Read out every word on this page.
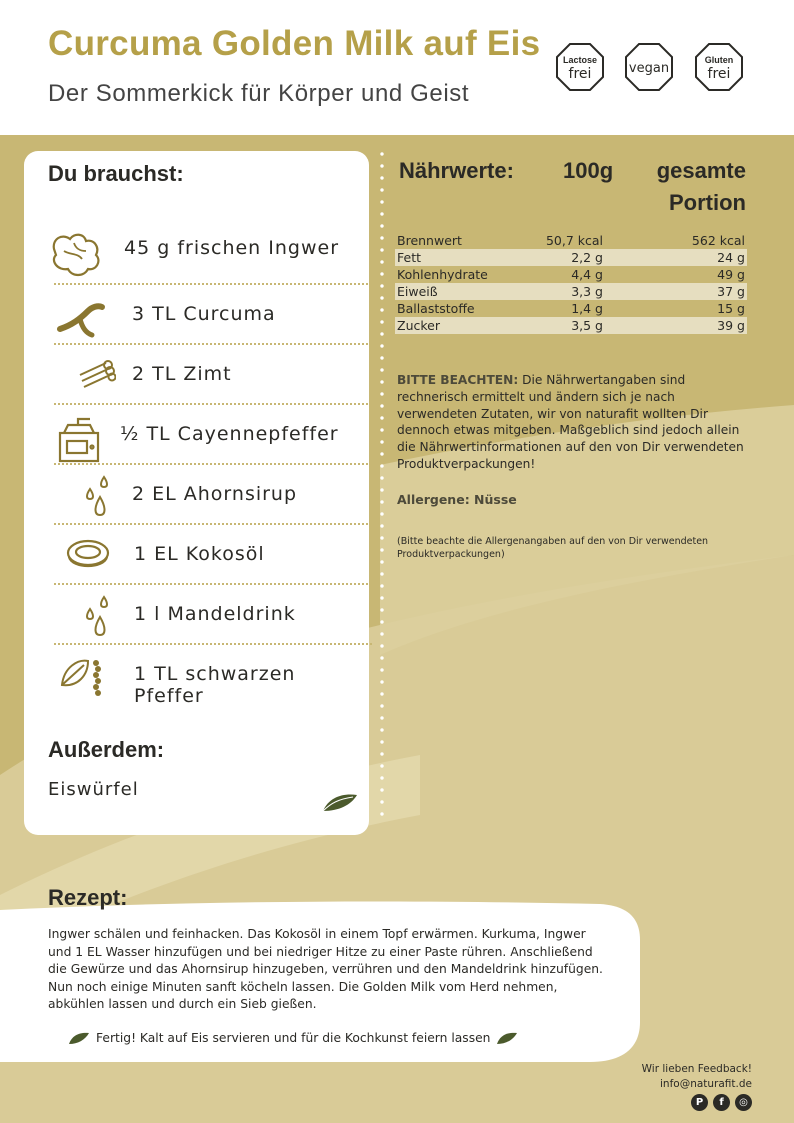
Curcuma Golden Milk auf Eis
Der Sommerkick für Körper und Geist
Lactose
frei	vegan
Gluten
frei
Du brauchst:
45 g frischen Ingwer
3 TL Curcuma
2 TL Zimt
½ TL Cayennepfeffer
2 EL Ahornsirup
1 EL Kokosöl
1 l Mandeldrink
1 TL schwarzen Pfeffer
Außerdem:
Eiswürfel
Nährwerte: 100g gesamte
Portion
Brennwert	50,7 kcal	562 kcal
Fett	2,2 g	24 g
Kohlenhydrate	4,4 g	49 g
Eiweiß	3,3 g	37 g
Ballaststoffe	1,4 g	15 g
Zucker	3,5 g	39 g
BITTE BEACHTEN: Die Nährwertangaben sind rechnerisch ermittelt und ändern sich je nach verwendeten Zutaten, wir von naturafit wollten Dir dennoch etwas mitgeben. Maßgeblich sind jedoch allein die Nährwertinformationen auf den von Dir verwendeten Produktverpackungen!
Allergene: Nüsse
(Bitte beachte die Allergenangaben auf den von Dir verwendeten Produktverpackungen)
Rezept:
Ingwer schälen und feinhacken. Das Kokosöl in einem Topf erwärmen. Kurkuma, Ingwer und 1 EL Wasser hinzufügen und bei niedriger Hitze zu einer Paste rühren. Anschließend die Gewürze und das Ahornsirup hinzugeben, verrühren und den Mandeldrink hinzufügen. Nun noch einige Minuten sanft köcheln lassen. Die Golden Milk vom Herd nehmen, abkühlen lassen und durch ein Sieb gießen.
Fertig! Kalt auf Eis servieren und für die Kochkunst feiern lassen
Wir lieben Feedback!
info@naturafit.de
P	f	◎
